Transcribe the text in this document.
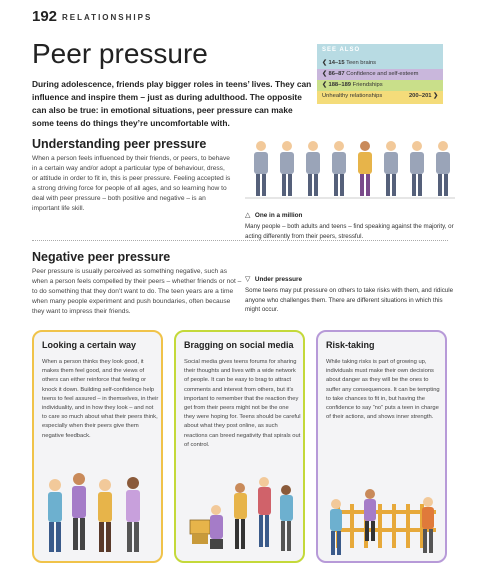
192 RELATIONSHIPS
Peer pressure
During adolescence, friends play bigger roles in teens’ lives. They can influence and inspire them – just as during adulthood. The opposite can also be true: in emotional situations, peer pressure can make some teens do things they’re uncomfortable with.
SEE ALSO
❮ 14–15 Teen brains
❮ 86–87 Confidence and self-esteem
❮ 188–189 Friendships
Unhealthy relationships	200–201 ❯
Understanding peer pressure
When a person feels influenced by their friends, or peers, to behave in a certain way and/or adopt a particular type of behaviour, dress, or attitude in order to fit in, this is peer pressure. Feeling accepted is a strong driving force for people of all ages, and so learning how to deal with peer pressure – both positive and negative – is an important life skill.
△ One in a million
Many people – both adults and teens – find speaking against the majority, or acting differently from their peers, stressful.
Negative peer pressure
Peer pressure is usually perceived as something negative, such as when a person feels compelled by their peers – whether friends or not – to do something that they don’t want to do. The teen years are a time when many people experiment and push boundaries, often because they want to impress their friends.
▽ Under pressure
Some teens may put pressure on others to take risks with them, and ridicule anyone who challenges them. There are different situations in which this might occur.
Looking a certain way
When a person thinks they look good, it makes them feel good, and the views of others can either reinforce that feeling or knock it down. Building self-confidence help teens to feel assured – in themselves, in their individuality, and in how they look – and not to care so much about what their peers think, especially when their peers give them negative feedback.
Bragging on social media
Social media gives teens forums for sharing their thoughts and lives with a wide network of people. It can be easy to brag to attract comments and interest from others, but it’s important to remember that the reaction they get from their peers might not be the one they were hoping for. Teens should be careful about what they post online, as such reactions can breed negativity that spirals out of control.
Risk-taking
While taking risks is part of growing up, individuals must make their own decisions about danger as they will be the ones to suffer any consequences. It can be tempting to take chances to fit in, but having the confidence to say “no” puts a teen in charge of their actions, and shows inner strength.
